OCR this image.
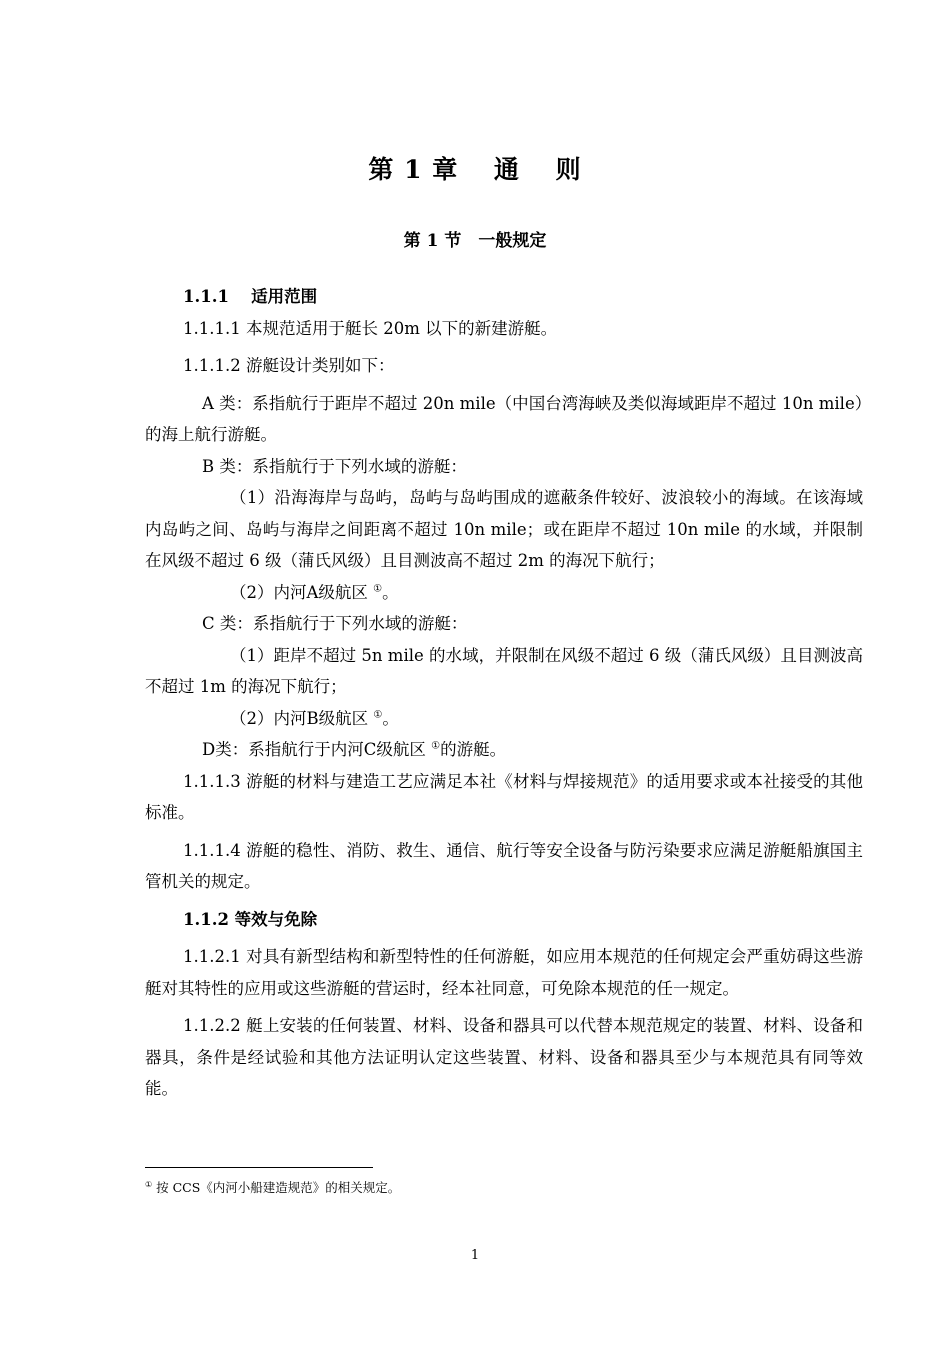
第 1 章　 通　 则
第 1 节　一般规定

1.1.1　 适用范围

1.1.1.1 本规范适用于艇长 20m 以下的新建游艇。

1.1.1.2 游艇设计类别如下：

A 类：系指航行于距岸不超过 20n mile（中国台湾海峡及类似海域距岸不超过 10n mile）的海上航行游艇。

B 类：系指航行于下列水域的游艇：

（1）沿海海岸与岛屿，岛屿与岛屿围成的遮蔽条件较好、波浪较小的海域。在该海域内岛屿之间、岛屿与海岸之间距离不超过 10n mile；或在距岸不超过 10n mile 的水域，并限制在风级不超过 6 级（蒲氏风级）且目测波高不超过 2m 的海况下航行；

（2）内河A级航区 ①。

C 类：系指航行于下列水域的游艇：

（1）距岸不超过 5n mile 的水域，并限制在风级不超过 6 级（蒲氏风级）且目测波高不超过 1m 的海况下航行；

（2）内河B级航区 ①。

D类：系指航行于内河C级航区 ①的游艇。

1.1.1.3 游艇的材料与建造工艺应满足本社《材料与焊接规范》的适用要求或本社接受的其他标准。

1.1.1.4 游艇的稳性、消防、救生、通信、航行等安全设备与防污染要求应满足游艇船旗国主管机关的规定。

1.1.2 等效与免除

1.1.2.1 对具有新型结构和新型特性的任何游艇，如应用本规范的任何规定会严重妨碍这些游艇对其特性的应用或这些游艇的营运时，经本社同意，可免除本规范的任一规定。

1.1.2.2 艇上安装的任何装置、材料、设备和器具可以代替本规范规定的装置、材料、设备和器具，条件是经试验和其他方法证明认定这些装置、材料、设备和器具至少与本规范具有同等效能。

① 按 CCS《内河小船建造规范》的相关规定。
1
